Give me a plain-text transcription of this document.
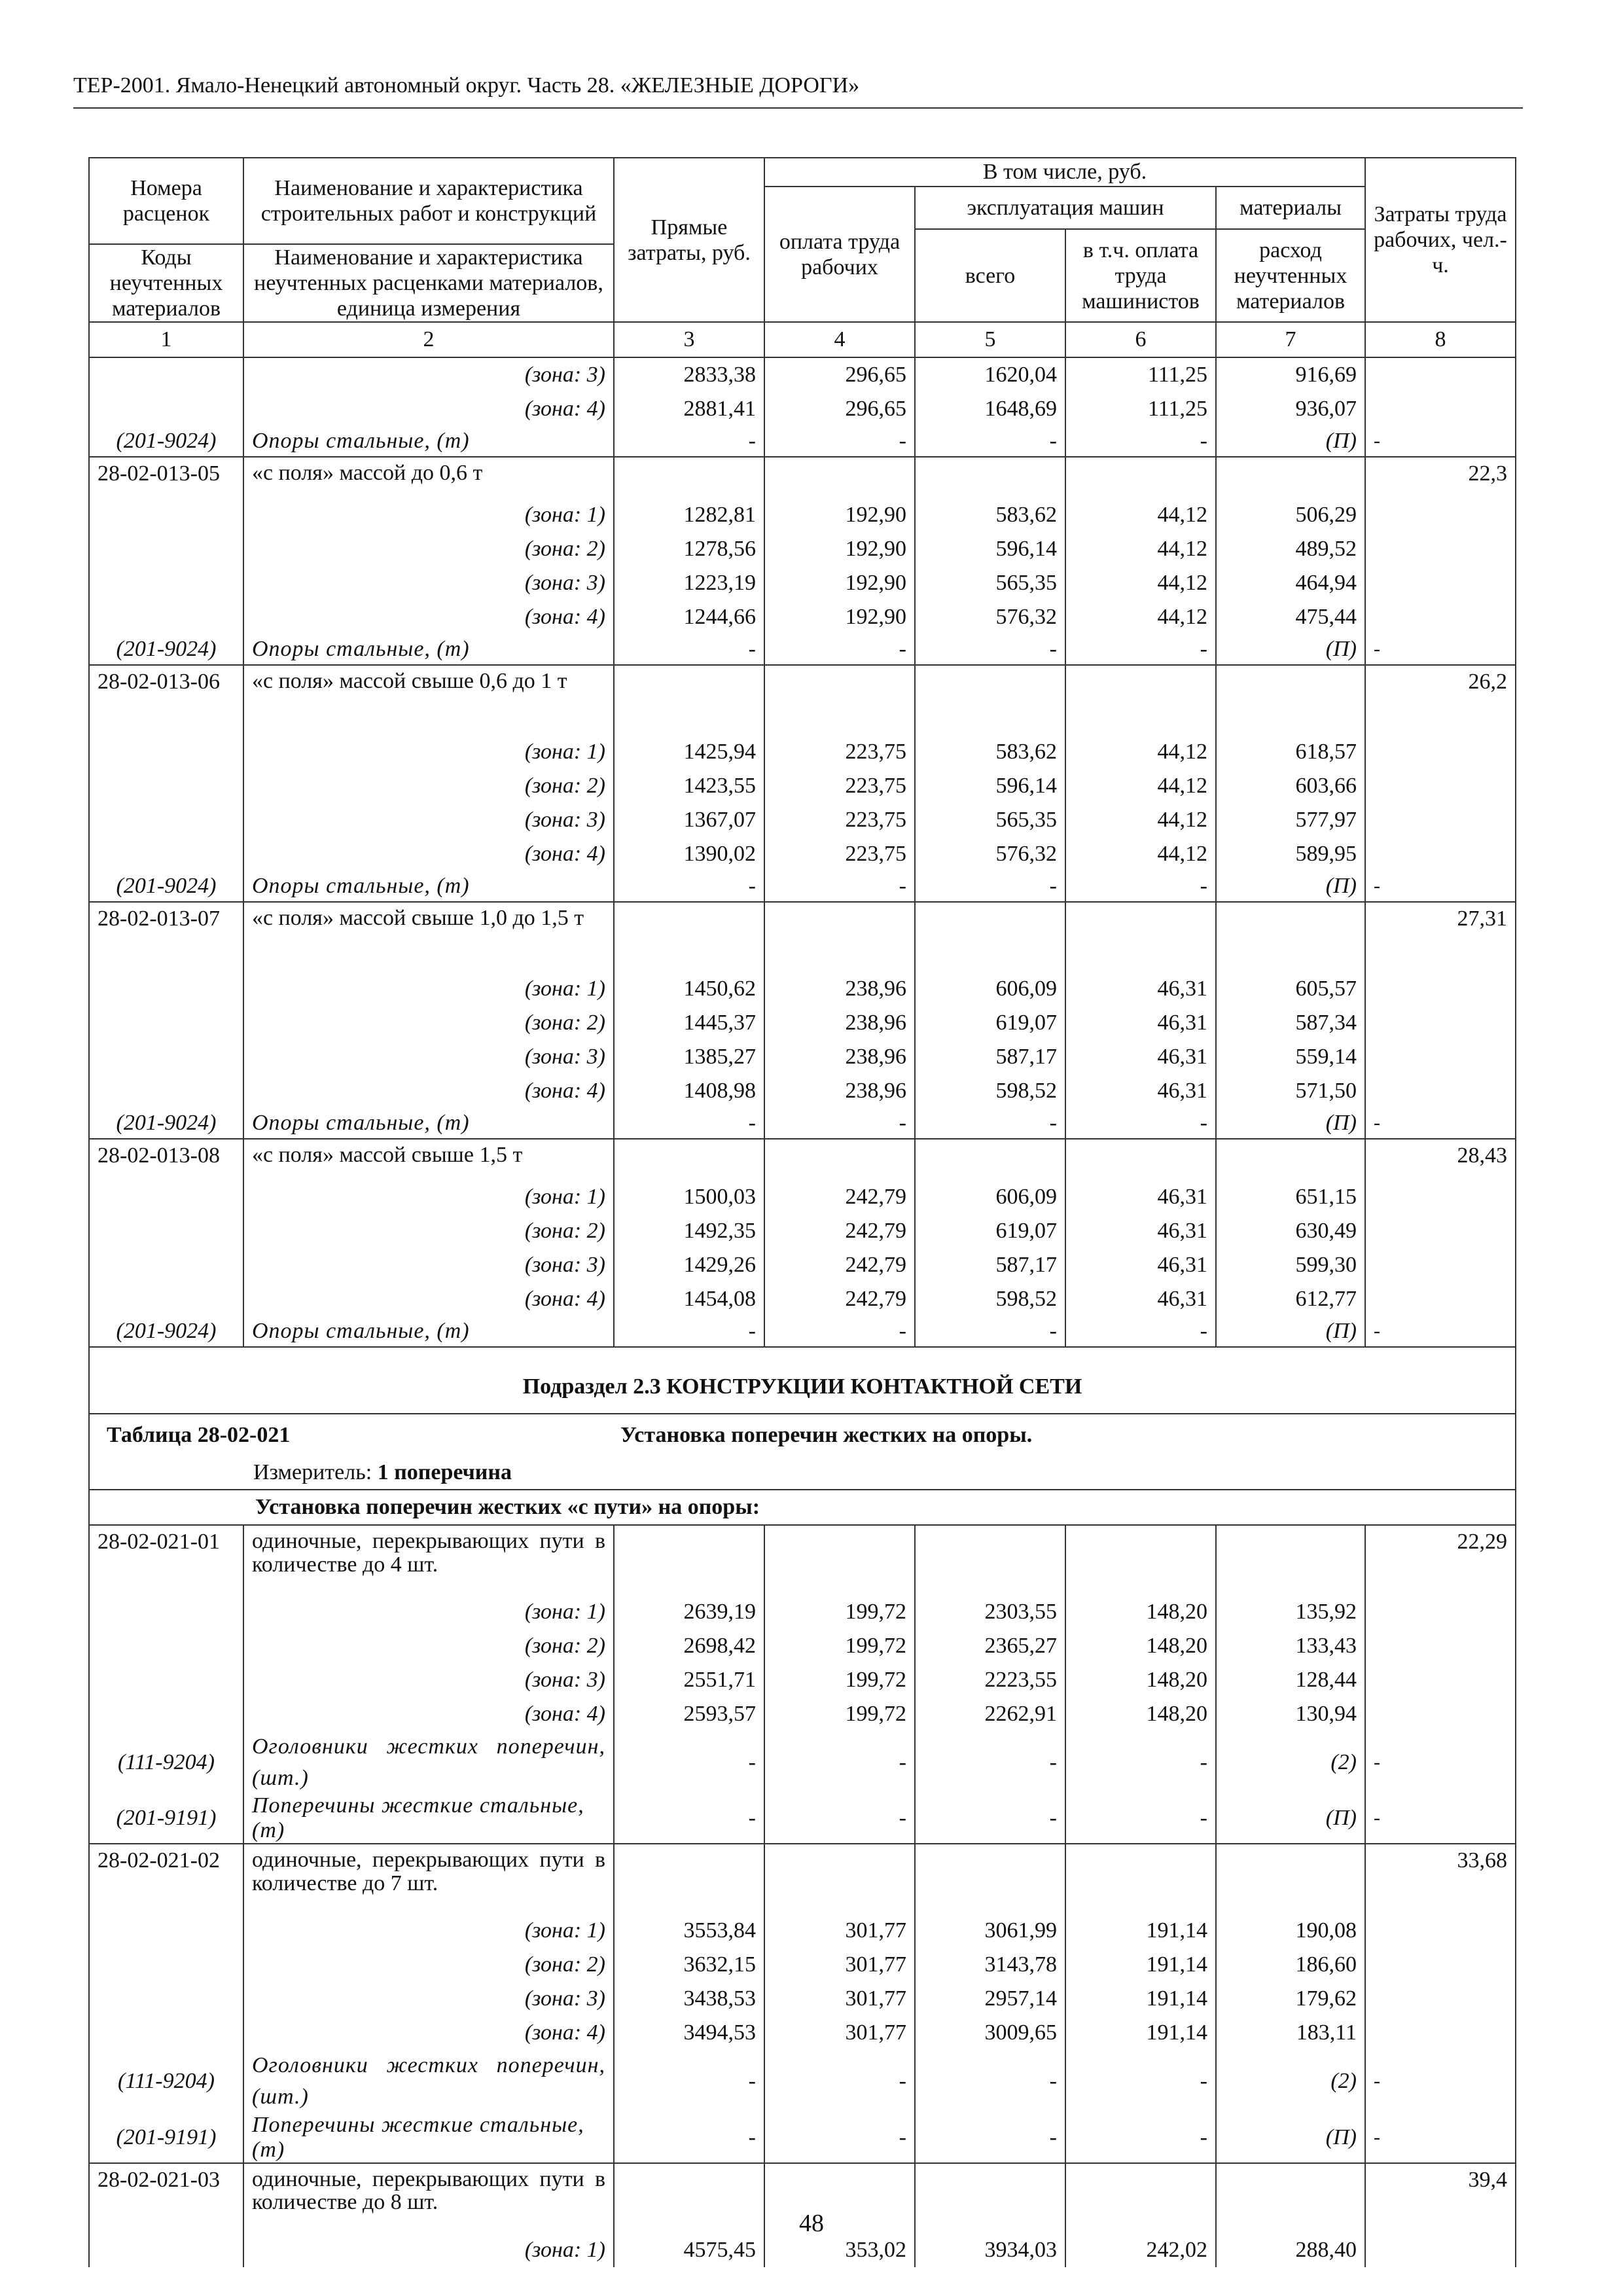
ТЕР-2001. Ямало-Ненецкий автономный округ. Часть 28. «ЖЕЛЕЗНЫЕ ДОРОГИ»
Номера расценок	Наименование и характеристика строительных работ и конструкций	Прямые затраты, руб.	В том числе, руб.				Затраты труда рабочих, чел.-ч.
			оплата труда рабочих	эксплуатация машин		материалы	
				всего	в т.ч. оплата труда машинистов	расход неучтенных материалов	
Коды неучтенных материалов	Наименование и характеристика неучтенных расценками материалов, единица измерения						
1	2	3	4	5	6	7	8
	(зона: 3)	2833,38	296,65	1620,04	111,25	916,69	
	(зона: 4)	2881,41	296,65	1648,69	111,25	936,07	
(201-9024)	Опоры стальные, (т)	-	-	-	-	(П)	-
28-02-013-05	«с поля» массой до 0,6 т						22,3
	(зона: 1)	1282,81	192,90	583,62	44,12	506,29	
	(зона: 2)	1278,56	192,90	596,14	44,12	489,52	
	(зона: 3)	1223,19	192,90	565,35	44,12	464,94	
	(зона: 4)	1244,66	192,90	576,32	44,12	475,44	
(201-9024)	Опоры стальные, (т)	-	-	-	-	(П)	-
28-02-013-06	«с поля» массой свыше 0,6 до 1 т						26,2
	(зона: 1)	1425,94	223,75	583,62	44,12	618,57	
	(зона: 2)	1423,55	223,75	596,14	44,12	603,66	
	(зона: 3)	1367,07	223,75	565,35	44,12	577,97	
	(зона: 4)	1390,02	223,75	576,32	44,12	589,95	
(201-9024)	Опоры стальные, (т)	-	-	-	-	(П)	-
28-02-013-07	«с поля» массой свыше 1,0 до 1,5 т						27,31
	(зона: 1)	1450,62	238,96	606,09	46,31	605,57	
	(зона: 2)	1445,37	238,96	619,07	46,31	587,34	
	(зона: 3)	1385,27	238,96	587,17	46,31	559,14	
	(зона: 4)	1408,98	238,96	598,52	46,31	571,50	
(201-9024)	Опоры стальные, (т)	-	-	-	-	(П)	-
28-02-013-08	«с поля» массой свыше 1,5 т						28,43
	(зона: 1)	1500,03	242,79	606,09	46,31	651,15	
	(зона: 2)	1492,35	242,79	619,07	46,31	630,49	
	(зона: 3)	1429,26	242,79	587,17	46,31	599,30	
	(зона: 4)	1454,08	242,79	598,52	46,31	612,77	
(201-9024)	Опоры стальные, (т)	-	-	-	-	(П)	-
Подраздел 2.3 КОНСТРУКЦИИ КОНТАКТНОЙ СЕТИ							
Таблица 28-02-021 Установка поперечин жестких на опоры.							
Измеритель: 1 поперечина							
	Установка поперечин жестких «с пути» на опоры:						
28-02-021-01	одиночные, перекрывающих пути в количестве до 4 шт.						22,29
	(зона: 1)	2639,19	199,72	2303,55	148,20	135,92	
	(зона: 2)	2698,42	199,72	2365,27	148,20	133,43	
	(зона: 3)	2551,71	199,72	2223,55	148,20	128,44	
	(зона: 4)	2593,57	199,72	2262,91	148,20	130,94	
(111-9204)	Оголовники жестких поперечин, (шт.)	-	-	-	-	(2)	-
(201-9191)	Поперечины жесткие стальные, (т)	-	-	-	-	(П)	-
28-02-021-02	одиночные, перекрывающих пути в количестве до 7 шт.						33,68
	(зона: 1)	3553,84	301,77	3061,99	191,14	190,08	
	(зона: 2)	3632,15	301,77	3143,78	191,14	186,60	
	(зона: 3)	3438,53	301,77	2957,14	191,14	179,62	
	(зона: 4)	3494,53	301,77	3009,65	191,14	183,11	
(111-9204)	Оголовники жестких поперечин, (шт.)	-	-	-	-	(2)	-
(201-9191)	Поперечины жесткие стальные, (т)	-	-	-	-	(П)	-
28-02-021-03	одиночные, перекрывающих пути в количестве до 8 шт.						39,4
	(зона: 1)	4575,45	353,02	3934,03	242,02	288,40	
48
